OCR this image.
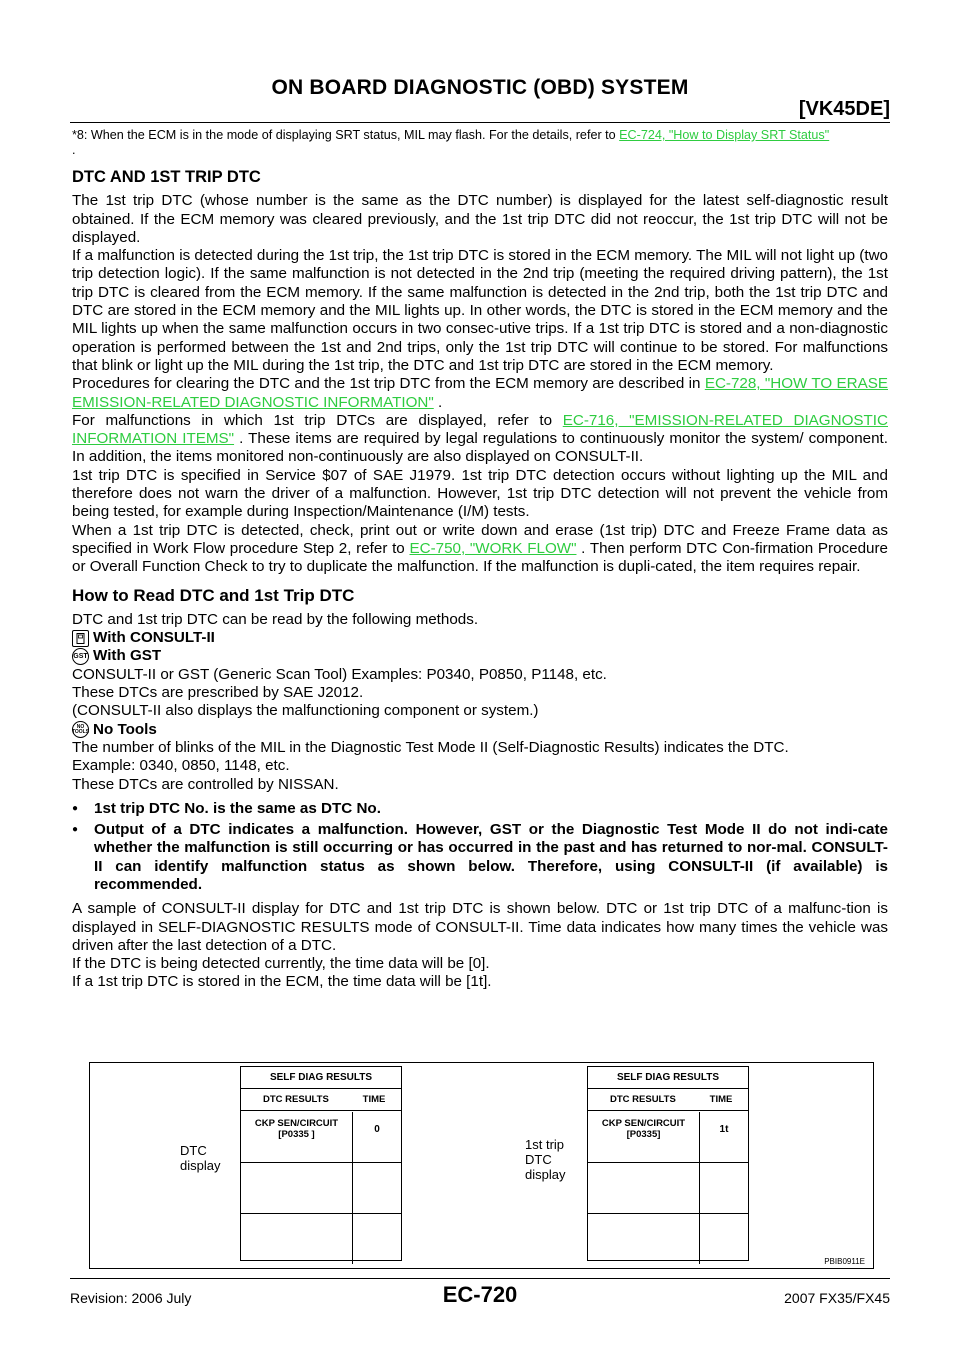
ON BOARD DIAGNOSTIC (OBD) SYSTEM
[VK45DE]

*8: When the ECM is in the mode of displaying SRT status, MIL may flash. For the details, refer to EC-724, "How to Display SRT Status"
.

DTC AND 1ST TRIP DTC

The 1st trip DTC (whose number is the same as the DTC number) is displayed for the latest self-diagnostic result obtained. If the ECM memory was cleared previously, and the 1st trip DTC did not reoccur, the 1st trip DTC will not be displayed.

If a malfunction is detected during the 1st trip, the 1st trip DTC is stored in the ECM memory. The MIL will not light up (two trip detection logic). If the same malfunction is not detected in the 2nd trip (meeting the required driving pattern), the 1st trip DTC is cleared from the ECM memory. If the same malfunction is detected in the 2nd trip, both the 1st trip DTC and DTC are stored in the ECM memory and the MIL lights up. In other words, the DTC is stored in the ECM memory and the MIL lights up when the same malfunction occurs in two consec-utive trips. If a 1st trip DTC is stored and a non-diagnostic operation is performed between the 1st and 2nd trips, only the 1st trip DTC will continue to be stored. For malfunctions that blink or light up the MIL during the 1st trip, the DTC and 1st trip DTC are stored in the ECM memory.

Procedures for clearing the DTC and the 1st trip DTC from the ECM memory are described in EC-728, "HOW TO ERASE EMISSION-RELATED DIAGNOSTIC INFORMATION" .

For malfunctions in which 1st trip DTCs are displayed, refer to EC-716, "EMISSION-RELATED DIAGNOSTIC INFORMATION ITEMS" . These items are required by legal regulations to continuously monitor the system/ component. In addition, the items monitored non-continuously are also displayed on CONSULT-II.

1st trip DTC is specified in Service $07 of SAE J1979. 1st trip DTC detection occurs without lighting up the MIL and therefore does not warn the driver of a malfunction. However, 1st trip DTC detection will not prevent the vehicle from being tested, for example during Inspection/Maintenance (I/M) tests.

When a 1st trip DTC is detected, check, print out or write down and erase (1st trip) DTC and Freeze Frame data as specified in Work Flow procedure Step 2, refer to EC-750, "WORK FLOW" . Then perform DTC Con-firmation Procedure or Overall Function Check to try to duplicate the malfunction. If the malfunction is dupli-cated, the item requires repair.

How to Read DTC and 1st Trip DTC

DTC and 1st trip DTC can be read by the following methods.

With CONSULT-II
GST With GST

CONSULT-II or GST (Generic Scan Tool) Examples: P0340, P0850, P1148, etc.

These DTCs are prescribed by SAE J2012.

(CONSULT-II also displays the malfunctioning component or system.)

NO
TOOLS No Tools

The number of blinks of the MIL in the Diagnostic Test Mode II (Self-Diagnostic Results) indicates the DTC.

Example: 0340, 0850, 1148, etc.

These DTCs are controlled by NISSAN.

● 1st trip DTC No. is the same as DTC No.
● Output of a DTC indicates a malfunction. However, GST or the Diagnostic Test Mode II do not indi-cate whether the malfunction is still occurring or has occurred in the past and has returned to nor-mal. CONSULT-II can identify malfunction status as shown below. Therefore, using CONSULT-II (if available) is recommended.

A sample of CONSULT-II display for DTC and 1st trip DTC is shown below. DTC or 1st trip DTC of a malfunc-tion is displayed in SELF-DIAGNOSTIC RESULTS mode of CONSULT-II. Time data indicates how many times the vehicle was driven after the last detection of a DTC.

If the DTC is being detected currently, the time data will be [0].

If a 1st trip DTC is stored in the ECM, the time data will be [1t].

DTC
display
SELF DIAG RESULTS
DTC RESULTS	TIME
CKP SEN/CIRCUIT
[P0335 ]	0
1st trip
DTC
display
SELF DIAG RESULTS
DTC RESULTS	TIME
CKP SEN/CIRCUIT
[P0335]	1t
PBIB0911E
Revision: 2006 July	EC-720	2007 FX35/FX45
